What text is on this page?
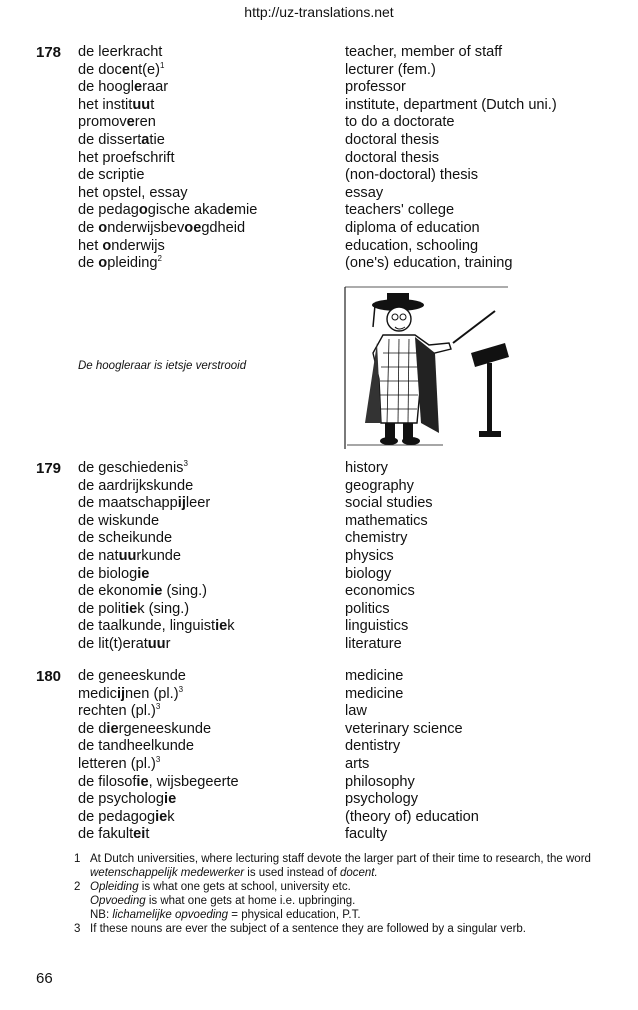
http://uz-translations.net
178 de leerkracht	teacher, member of staff
de $docent(e)^1$	lecturer (fem.)
de hoogleraar	professor
het instituut	institute, department (Dutch uni.)
promoveren	to do a doctorate
de dissertatie	doctoral thesis
het proefschrift	doctoral thesis
de scriptie	(non-doctoral) thesis
het opstel, essay	essay
de pedagogische akademie	teachers' college
de onderwijsbevoegdheid	diploma of education
het onderwijs	education, schooling
de opleiding$^2$	(one's) education, training
179 de geschiedenis$^3$	history
de aardrijkskunde	geography
de maatschappijleer	social studies
de wiskunde	mathematics
de scheikunde	chemistry
de natuurkunde	physics
de biologie	biology
de ekonomie (sing.)	economics
de politiek (sing.)	politics
de taalkunde, linguistiek	linguistics
de lit(t)eratuur	literature
180 de geneeskunde	medicine
medicijnen $(pl.)^3$	medicine
rechten $(pl.)^3$	law
de diergeneeskunde	veterinary science
de tandheelkunde	dentistry
letteren $(pl.)^3$	arts
de filosofie, wijsbegeerte	philosophy
de psychologie	psychology
de pedagogiek	(theory of) education
de fakulteit	faculty
De hoogleraar is ietsje verstrooid
1 At Dutch universities, where lecturing staff devote the larger part of their time to research, the word wetenschappelijk medewerker is used instead of docent.
2 Opleiding is what one gets at school, university etc.
Opvoeding is what one gets at home i.e. upbringing.
NB: lichamelijke opvoeding = physical education, P.T.
3 If these nouns are ever the subject of a sentence they are followed by a singular verb.
66
